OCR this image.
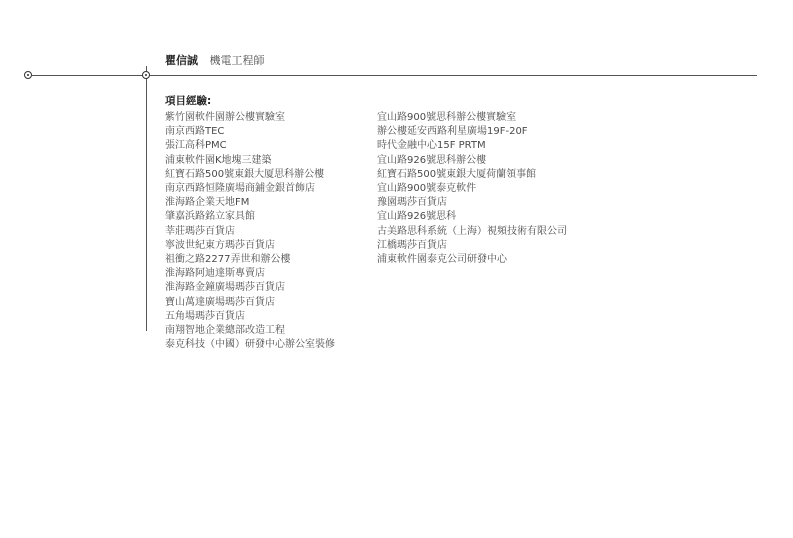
瞿信誠 機電工程師
項目經驗:
紫竹園軟件園辦公樓實驗室
南京西路TEC
張江高科PMC
浦東軟件園K地塊三建築
紅寶石路500號東銀大厦思科辦公樓
南京西路恒隆廣場商鋪金銀首飾店
淮海路企業天地FM
肇嘉浜路銘立家具館
莘莊瑪莎百貨店
寧波世紀東方瑪莎百貨店
祖衝之路2277弄世和辦公樓
淮海路阿迪達斯專賣店
淮海路金鐘廣場瑪莎百貨店
寶山萬達廣場瑪莎百貨店
五角場瑪莎百貨店
南翔智地企業總部改造工程
泰克科技（中國）研發中心辦公室裝修
宜山路900號思科辦公樓實驗室
辦公樓延安西路利星廣場19F-20F
時代金融中心15F PRTM
宜山路926號思科辦公樓
紅寶石路500號東銀大厦荷蘭領事館
宜山路900號泰克軟件
豫園瑪莎百貨店
宜山路926號思科
古美路思科系統（上海）視頻技術有限公司
江橋瑪莎百貨店
浦東軟件園泰克公司研發中心
